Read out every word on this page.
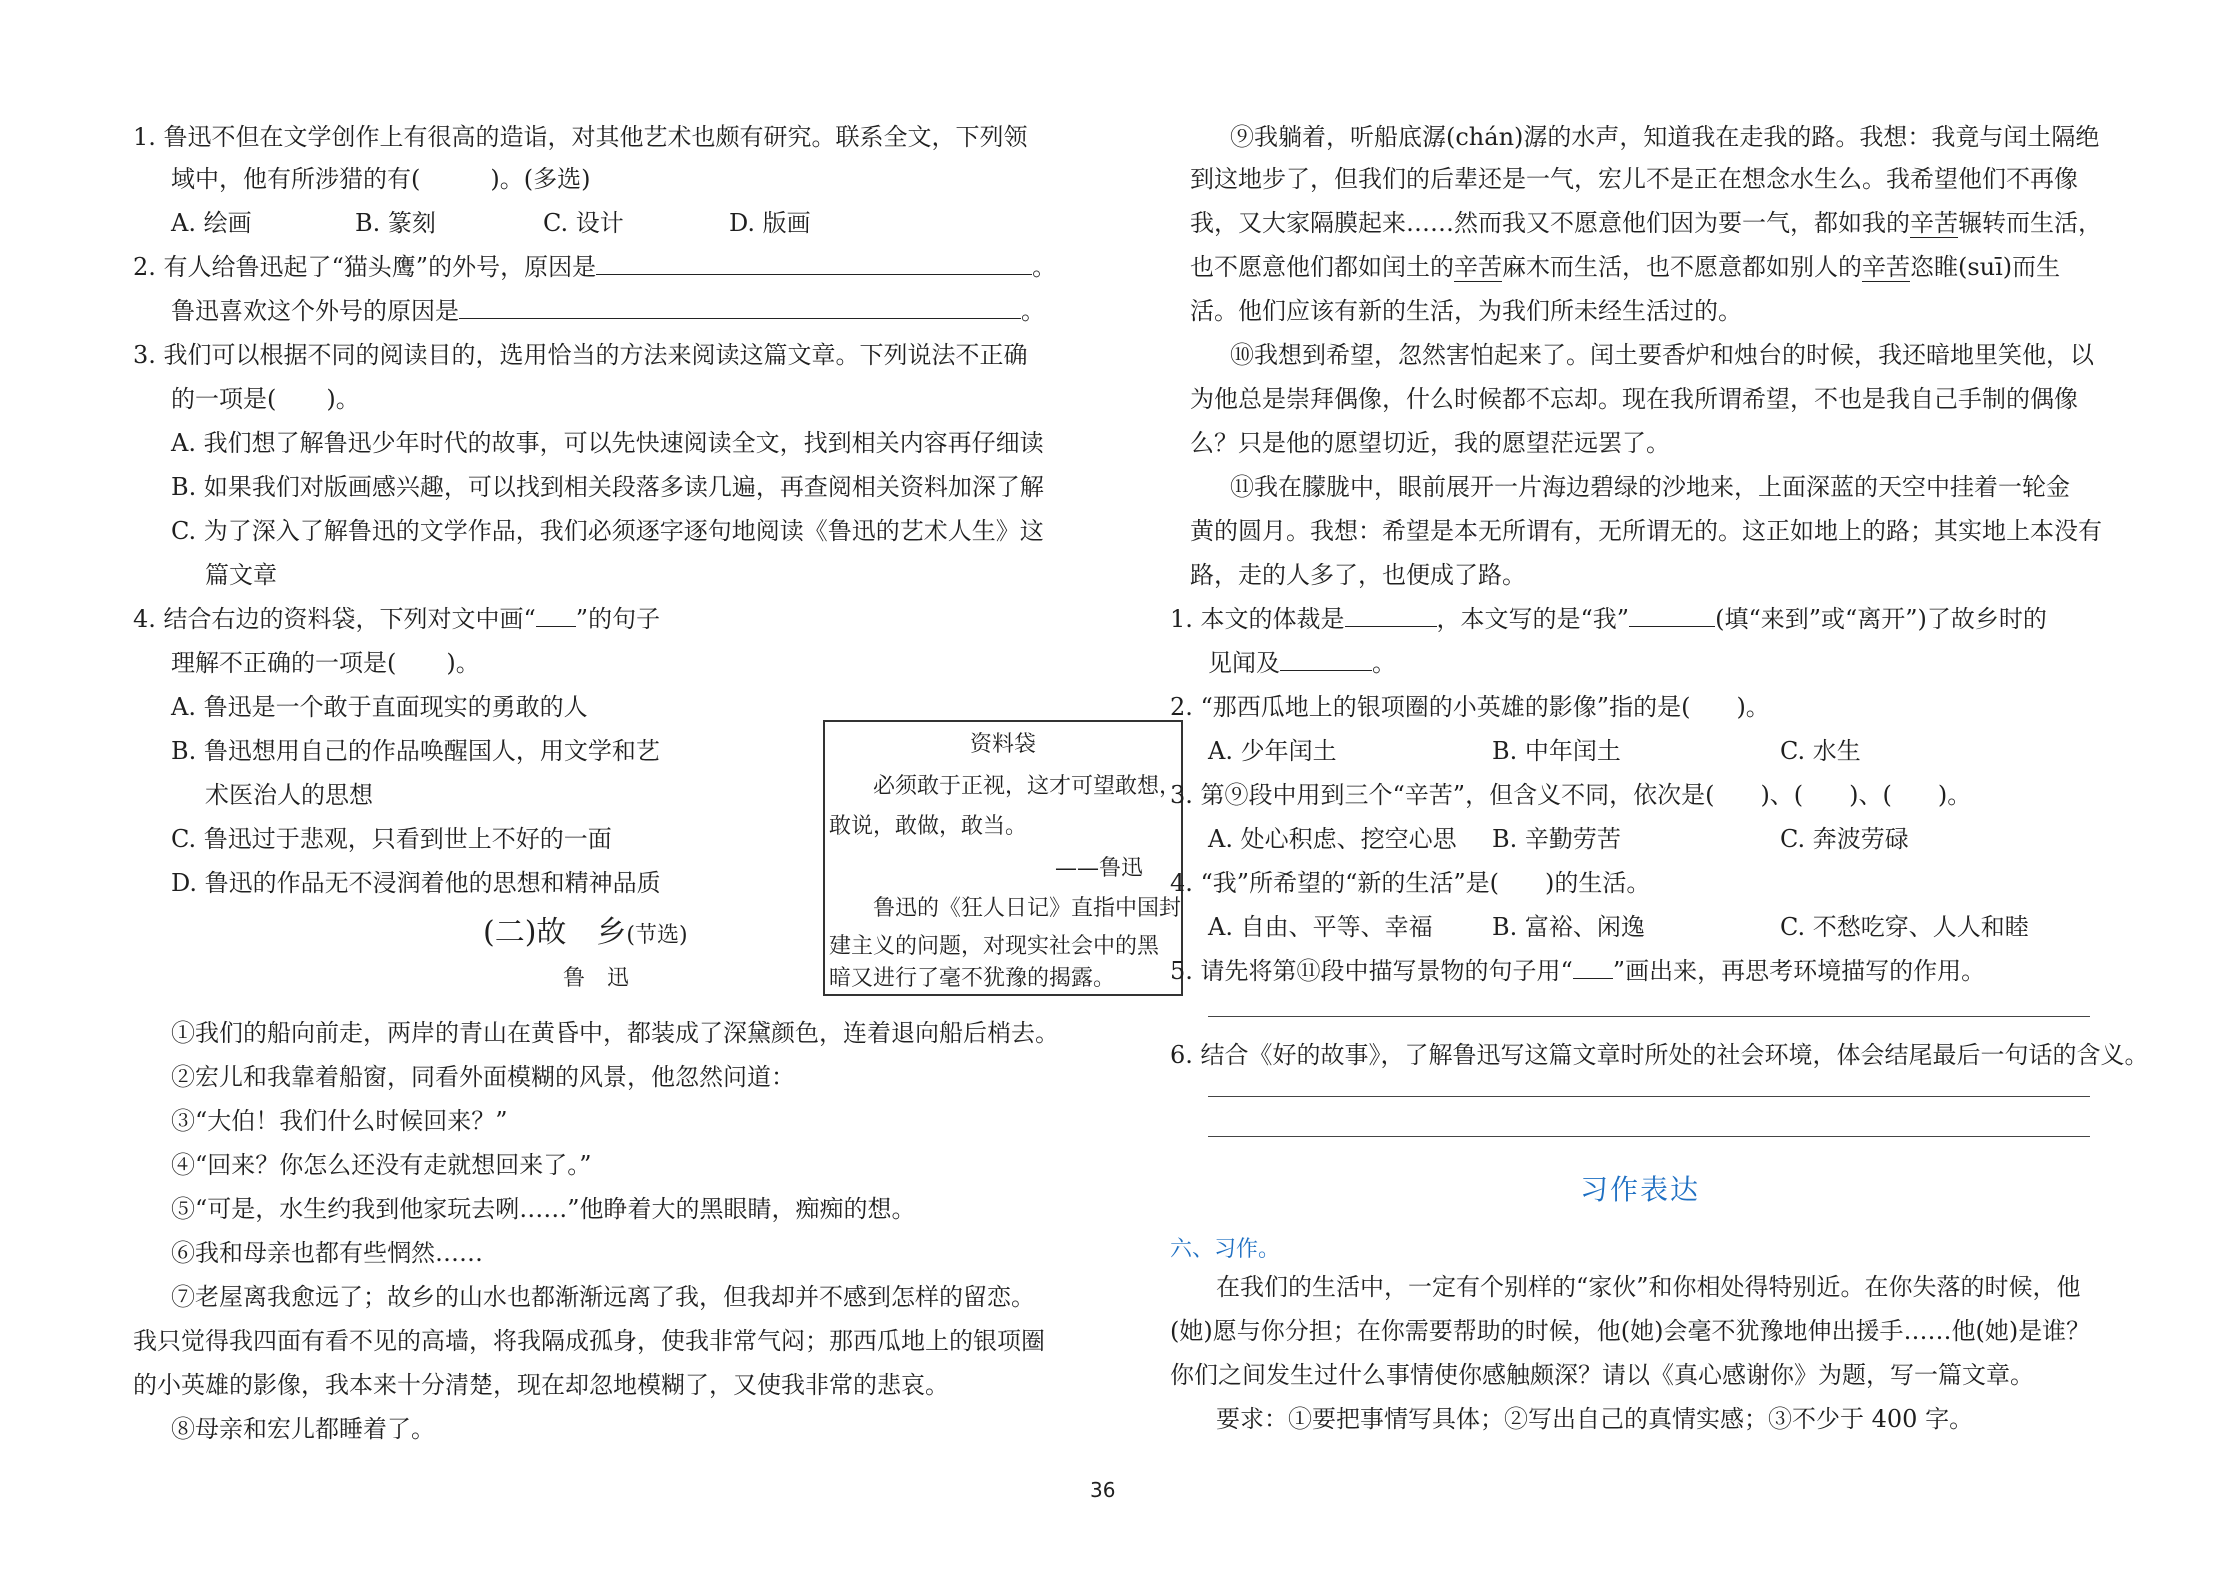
1. 鲁迅不但在文学创作上有很高的造诣，对其他艺术也颇有研究。联系全文，下列领
域中，他有所涉猎的有(	)。(多选)
A. 绘画	B. 篆刻	C. 设计	D. 版画
2. 有人给鲁迅起了“猫头鹰”的外号，原因是	。
鲁迅喜欢这个外号的原因是	。
3. 我们可以根据不同的阅读目的，选用恰当的方法来阅读这篇文章。下列说法不正确
的一项是( )。
A. 我们想了解鲁迅少年时代的故事，可以先快速阅读全文，找到相关内容再仔细读
B. 如果我们对版画感兴趣，可以找到相关段落多读几遍，再查阅相关资料加深了解
C. 为了深入了解鲁迅的文学作品，我们必须逐字逐句地阅读《鲁迅的艺术人生》这
篇文章
4. 结合右边的资料袋，下列对文中画“ ”的句子
理解不正确的一项是( )。
A. 鲁迅是一个敢于直面现实的勇敢的人
B. 鲁迅想用自己的作品唤醒国人，用文学和艺
术医治人的思想
C. 鲁迅过于悲观，只看到世上不好的一面
D. 鲁迅的作品无不浸润着他的思想和精神品质
资料袋
必须敢于正视，这才可望敢想，
敢说，敢做，敢当。
——鲁迅
鲁迅的《狂人日记》直指中国封
建主义的问题，对现实社会中的黑
暗又进行了毫不犹豫的揭露。
(二)故　乡(节选)
鲁　迅
①我们的船向前走，两岸的青山在黄昏中，都装成了深黛颜色，连着退向船后梢去。
②宏儿和我靠着船窗，同看外面模糊的风景，他忽然问道：
③“大伯！我们什么时候回来？”
④“回来？你怎么还没有走就想回来了。”
⑤“可是，水生约我到他家玩去咧……”他睁着大的黑眼睛，痴痴的想。
⑥我和母亲也都有些惘然……
⑦老屋离我愈远了；故乡的山水也都渐渐远离了我，但我却并不感到怎样的留恋。
我只觉得我四面有看不见的高墙，将我隔成孤身，使我非常气闷；那西瓜地上的银项圈
的小英雄的影像，我本来十分清楚，现在却忽地模糊了，又使我非常的悲哀。
⑧母亲和宏儿都睡着了。
⑨我躺着，听船底潺(chán)潺的水声，知道我在走我的路。我想：我竟与闰土隔绝
到这地步了，但我们的后辈还是一气，宏儿不是正在想念水生么。我希望他们不再像
我，又大家隔膜起来……然而我又不愿意他们因为要一气，都如我的辛苦辗转而生活，
也不愿意他们都如闰土的辛苦麻木而生活，也不愿意都如别人的辛苦恣睢(suī)而生
活。他们应该有新的生活，为我们所未经生活过的。
⑩我想到希望，忽然害怕起来了。闰土要香炉和烛台的时候，我还暗地里笑他，以
为他总是崇拜偶像，什么时候都不忘却。现在我所谓希望，不也是我自己手制的偶像
么？只是他的愿望切近，我的愿望茫远罢了。
⑪我在朦胧中，眼前展开一片海边碧绿的沙地来，上面深蓝的天空中挂着一轮金
黄的圆月。我想：希望是本无所谓有，无所谓无的。这正如地上的路；其实地上本没有
路，走的人多了，也便成了路。
1. 本文的体裁是	，本文写的是“我”	(填“来到”或“离开”)了故乡时的
见闻及	。
2. “那西瓜地上的银项圈的小英雄的影像”指的是( )。
A. 少年闰土	B. 中年闰土	C. 水生
3. 第⑨段中用到三个“辛苦”，但含义不同，依次是( )、( )、( )。
A. 处心积虑、挖空心思 B. 辛勤劳苦	C. 奔波劳碌
4. “我”所希望的“新的生活”是( )的生活。
A. 自由、平等、幸福 B. 富裕、闲逸	C. 不愁吃穿、人人和睦
5. 请先将第⑪段中描写景物的句子用“ ”画出来，再思考环境描写的作用。
6. 结合《好的故事》，了解鲁迅写这篇文章时所处的社会环境，体会结尾最后一句话的含义。
习作表达
六、习作。
在我们的生活中，一定有个别样的“家伙”和你相处得特别近。在你失落的时候，他
(她)愿与你分担；在你需要帮助的时候，他(她)会毫不犹豫地伸出援手……他(她)是谁？
你们之间发生过什么事情使你感触颇深？请以《真心感谢你》为题，写一篇文章。
要求：①要把事情写具体；②写出自己的真情实感；③不少于 400 字。
36
